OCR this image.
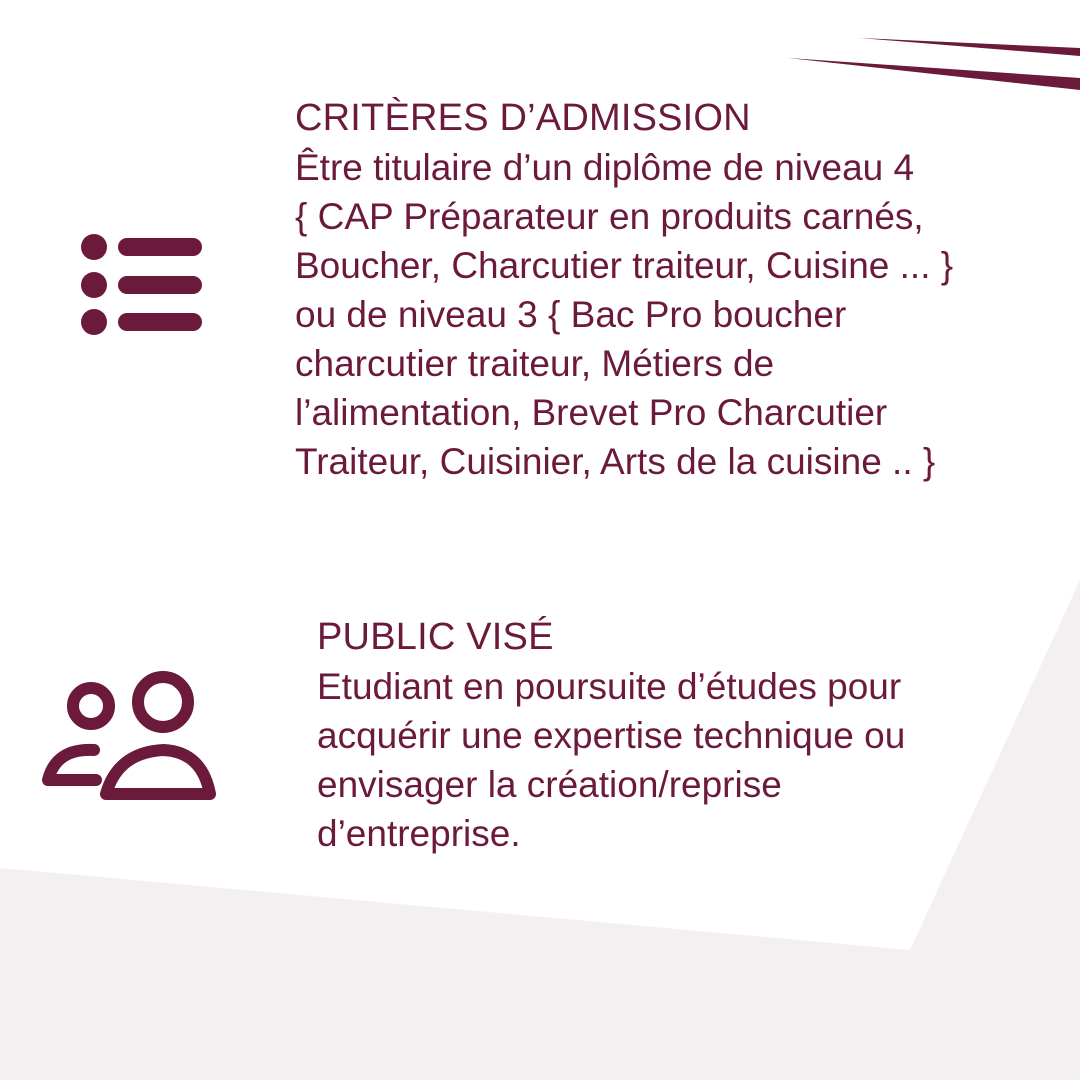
CRITÈRES D’ADMISSION
Être titulaire d’un diplôme de niveau 4
{ CAP Préparateur en produits carnés,
Boucher, Charcutier traiteur, Cuisine ... }
ou de niveau 3 { Bac Pro boucher
charcutier traiteur, Métiers de
l’alimentation, Brevet Pro Charcutier
Traiteur, Cuisinier, Arts de la cuisine .. }
PUBLIC VISÉ
Etudiant en poursuite d’études pour
acquérir une expertise technique ou
envisager la création/reprise
d’entreprise.
